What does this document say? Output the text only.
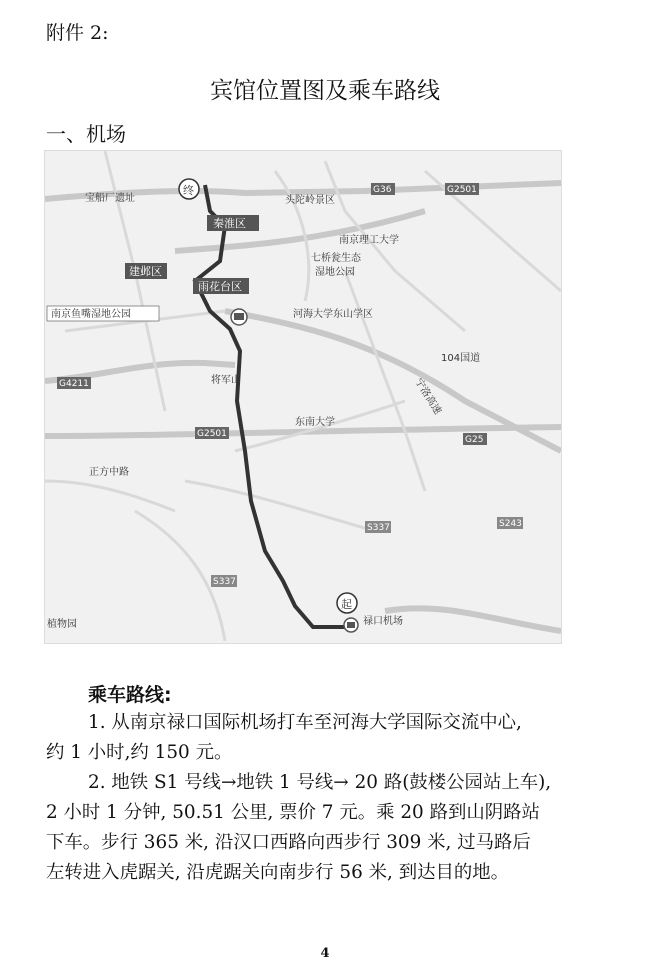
附件 2:
宾馆位置图及乘车路线
一、机场
秦淮区
建邺区
雨花台区
宝船厂遗址	头陀岭景区
南京理工大学
七桥瓮生态
湿地公园
南京鱼嘴湿地公园	河海大学东山学区
104国道
将军山
东南大学
正方中路
植物园	禄口机场
宁洛高速
G36	G2501
G2501
G4211
G25
S337
S337
S243
起
终
乘车路线:
1. 从南京禄口国际机场打车至河海大学国际交流中心,
约 1 小时,约 150 元。
2. 地铁 S1 号线→地铁 1 号线→ 20 路(鼓楼公园站上车),
2 小时 1 分钟, 50.51 公里, 票价 7 元。乘 20 路到山阴路站
下车。步行 365 米, 沿汉口西路向西步行 309 米, 过马路后
左转进入虎踞关, 沿虎踞关向南步行 56 米, 到达目的地。
4
